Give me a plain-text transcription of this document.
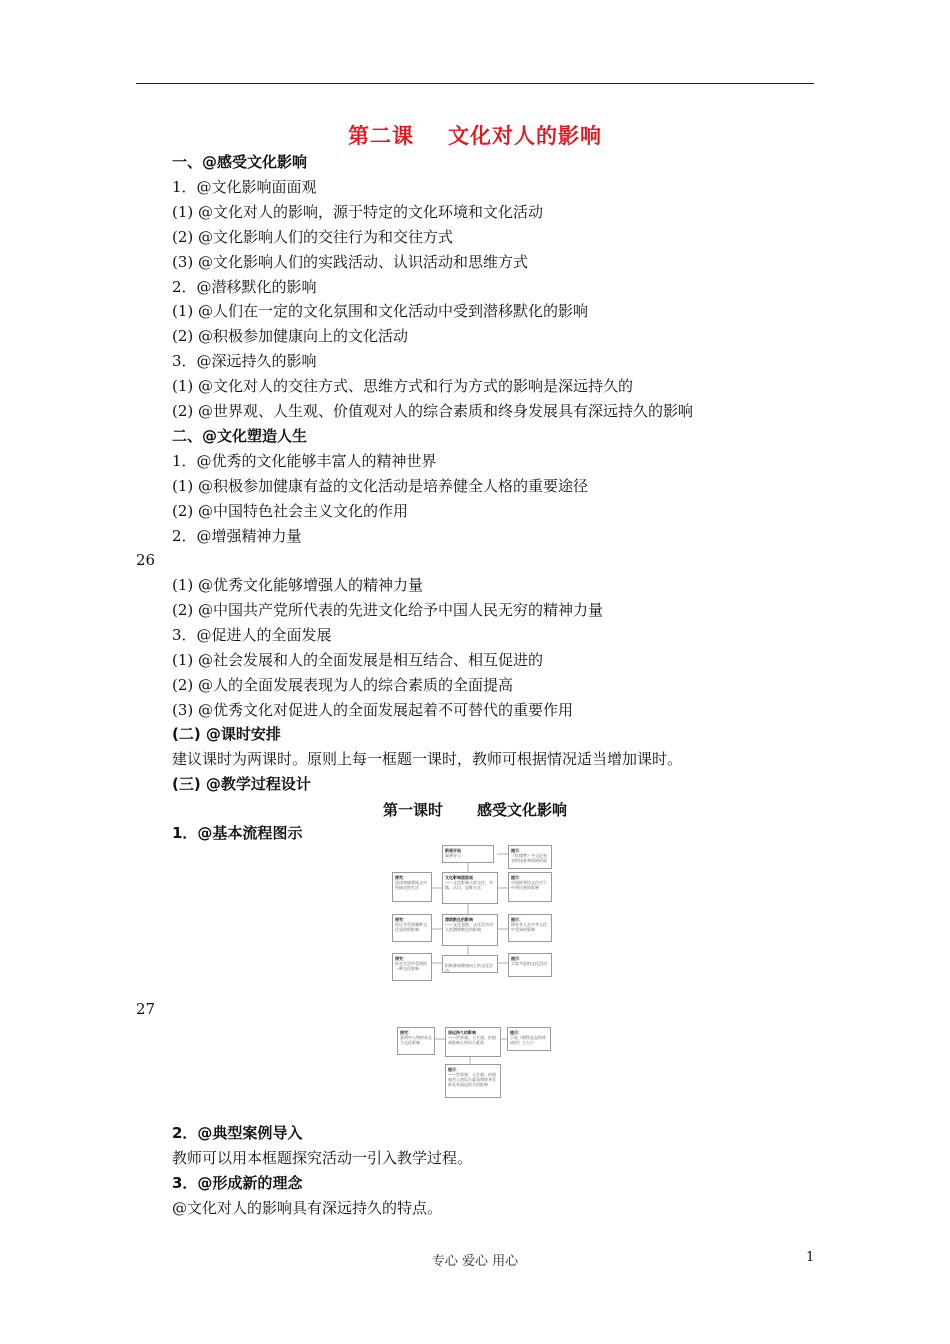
第二课 文化对人的影响
一、@感受文化影响
1．@文化影响面面观
(1) @文化对人的影响，源于特定的文化环境和文化活动
(2) @文化影响人们的交往行为和交往方式
(3) @文化影响人们的实践活动、认识活动和思维方式
2．@潜移默化的影响
(1) @人们在一定的文化氛围和文化活动中受到潜移默化的影响
(2) @积极参加健康向上的文化活动
3．@深远持久的影响
(1) @文化对人的交往方式、思维方式和行为方式的影响是深远持久的
(2) @世界观、人生观、价值观对人的综合素质和终身发展具有深远持久的影响
二、@文化塑造人生
1．@优秀的文化能够丰富人的精神世界
(1) @积极参加健康有益的文化活动是培养健全人格的重要途径
(2) @中国特色社会主义文化的作用
2．@增强精神力量
26
(1) @优秀文化能够增强人的精神力量
(2) @中国共产党所代表的先进文化给予中国人民无穷的精神力量
3．@促进人的全面发展
(1) @社会发展和人的全面发展是相互结合、相互促进的
(2) @人的全面发展表现为人的综合素质的全面提高
(3) @优秀文化对促进人的全面发展起着不可替代的重要作用
(二) @课时安排
建议课时为两课时。原则上每一框题一课时，教师可根据情况适当增加课时。
(三) @教学过程设计
第一课时 感受文化影响
1．@基本流程图示
新课开始
案例导入
提示：
《红楼梦》中元妃省亲的场景和周围环境
探究：
选读和揣摩阅文中所描述的生活
文化影响面面观
——文化影响人的交往、实践、认识、思维方式
提示：
中国的茶馆文化对于中华民族的影响
探究：
你认为受到哪种文化氛围的影响
潜移默化的影响
——文化氛围、文化活动对人的潜移默化的影响
提示：
海外华人在中华文化中受到的影响
探究：
你在生活中受到的一种文化影响

积极参加健康向上的文化活动
提示：
丰富多彩的文化活动
27
探究：
案例中人物的成长与文化影响
深远持久的影响
——世界观、人生观、价值观影响人的综合素质
提示：
小说《钢铁是怎样炼成的》主人公
提示：
——世界观、人生观、价值观对人的综合素质和终身发展具有深远持久的影响
2．@典型案例导入
教师可以用本框题探究活动一引入教学过程。
3．@形成新的理念
@文化对人的影响具有深远持久的特点。
专心 爱心 用心	1
